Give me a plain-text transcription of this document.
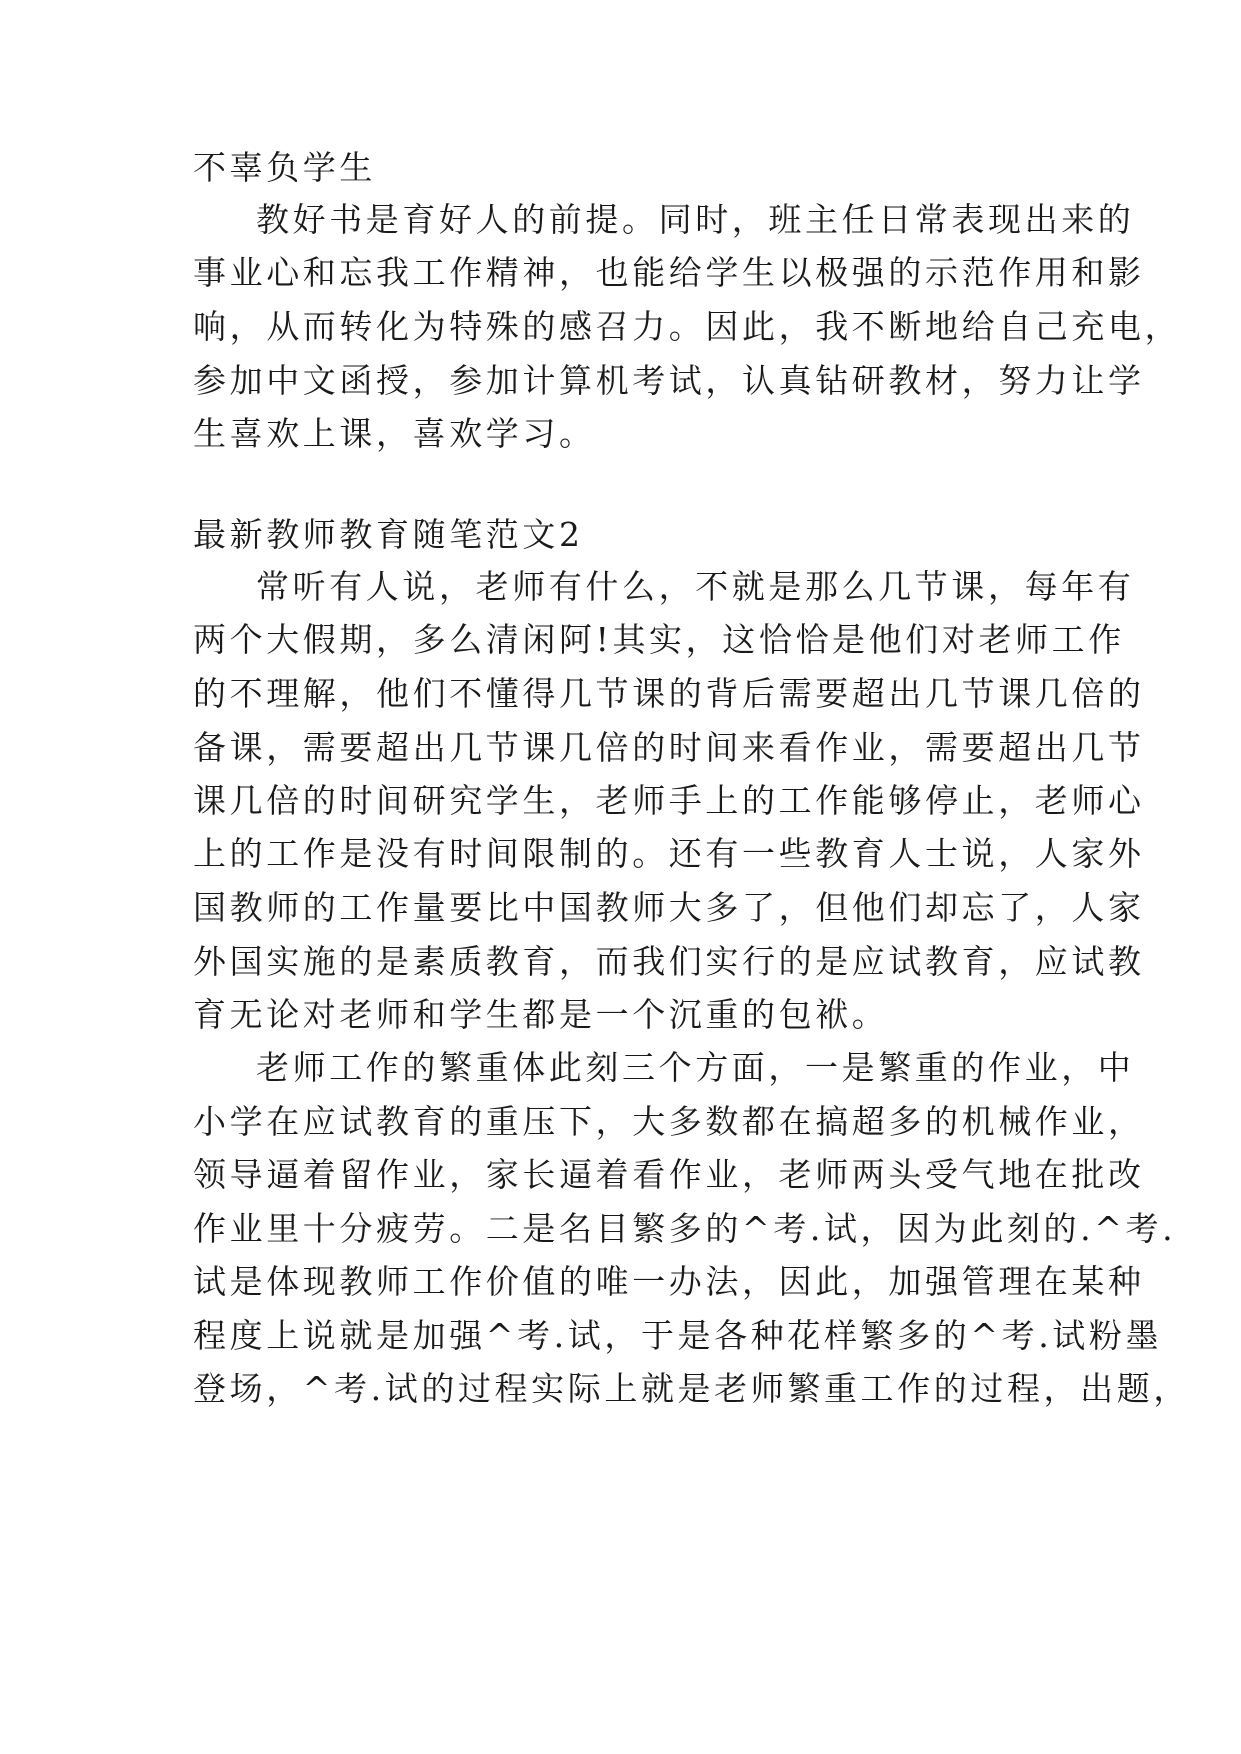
不辜负学生
教好书是育好人的前提。同时，班主任日常表现出来的
事业心和忘我工作精神，也能给学生以极强的示范作用和影
响，从而转化为特殊的感召力。因此，我不断地给自己充电，
参加中文函授，参加计算机考试，认真钻研教材，努力让学
生喜欢上课，喜欢学习。
最新教师教育随笔范文2
常听有人说，老师有什么，不就是那么几节课，每年有
两个大假期，多么清闲阿!其实，这恰恰是他们对老师工作
的不理解，他们不懂得几节课的背后需要超出几节课几倍的
备课，需要超出几节课几倍的时间来看作业，需要超出几节
课几倍的时间研究学生，老师手上的工作能够停止，老师心
上的工作是没有时间限制的。还有一些教育人士说，人家外
国教师的工作量要比中国教师大多了，但他们却忘了，人家
外国实施的是素质教育，而我们实行的是应试教育，应试教
育无论对老师和学生都是一个沉重的包袱。
老师工作的繁重体此刻三个方面，一是繁重的作业，中
小学在应试教育的重压下，大多数都在搞超多的机械作业，
领导逼着留作业，家长逼着看作业，老师两头受气地在批改
作业里十分疲劳。二是名目繁多的^考.试，因为此刻的.^考.
试是体现教师工作价值的唯一办法，因此，加强管理在某种
程度上说就是加强^考.试，于是各种花样繁多的^考.试粉墨
登场，^考.试的过程实际上就是老师繁重工作的过程，出题，
